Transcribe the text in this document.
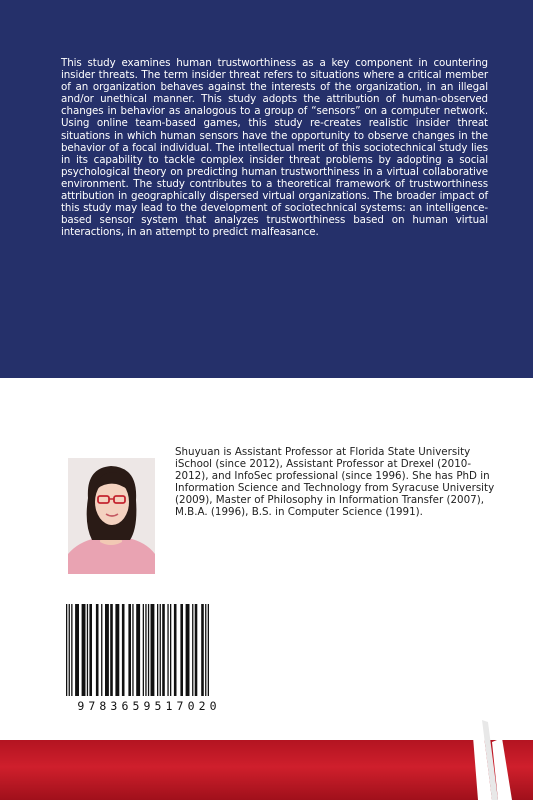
This study examines human trustworthiness as a key component in countering insider threats. The term insider threat refers to situations where a critical member of an organization behaves against the interests of the organization, in an illegal and/or unethical manner. This study adopts the attribution of human-observed changes in behavior as analogous to a group of “sensors” on a computer network. Using online team-based games, this study re-creates realistic insider threat situations in which human sensors have the opportunity to observe changes in the behavior of a focal individual. The intellectual merit of this sociotechnical study lies in its capability to tackle complex insider threat problems by adopting a social psychological theory on predicting human trustworthiness in a virtual collaborative environment. The study contributes to a theoretical framework of trustworthiness attribution in geographically dispersed virtual organizations. The broader impact of this study may lead to the development of sociotechnical systems: an intelligence-based sensor system that analyzes trustworthiness based on human virtual interactions, in an attempt to predict malfeasance.

Shuyuan is Assistant Professor at Florida State University iSchool (since 2012), Assistant Professor at Drexel (2010-2012), and InfoSec professional (since 1996). She has PhD in Information Science and Technology from Syracuse University (2009), Master of Philosophy in Information Transfer (2007), M.B.A. (1996), B.S. in Computer Science (1991).

9783659517020
